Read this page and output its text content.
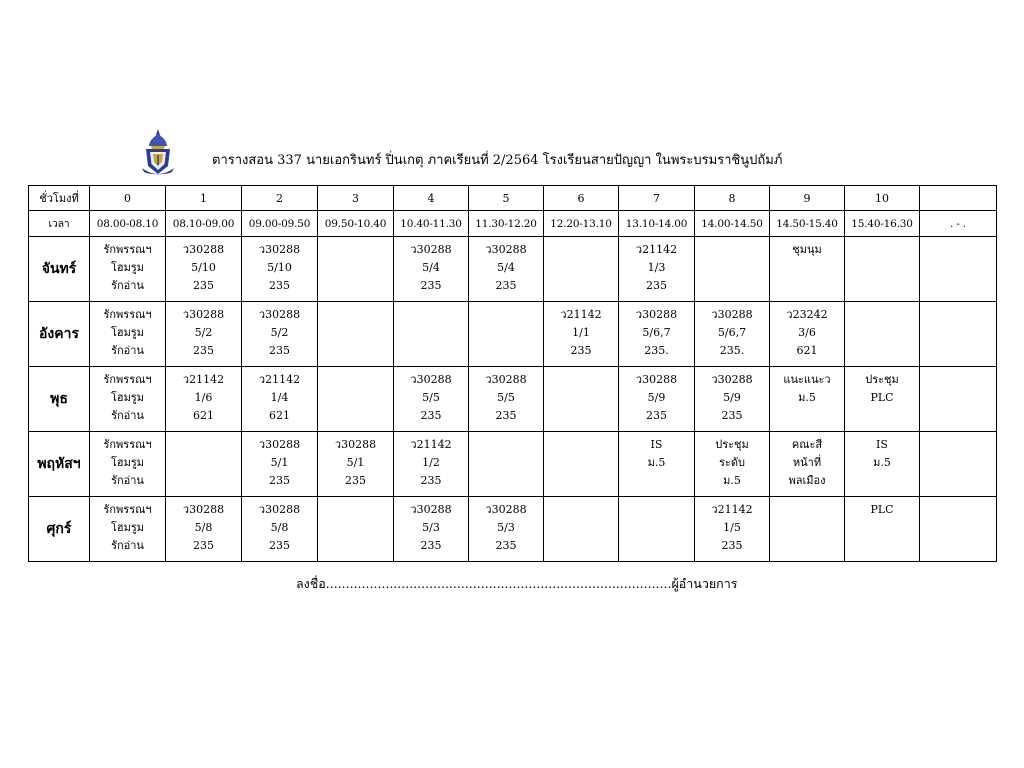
ตารางสอน 337 นายเอกรินทร์ ปิ่นเกตุ ภาคเรียนที่ 2/2564 โรงเรียนสายปัญญา ในพระบรมราชินูปถัมภ์
ชั่วโมงที่	0	1	2	3	4	5	6	7	8	9	10		
เวลา	08.00-08.10	08.10-09.00	09.00-09.50	09.50-10.40	10.40-11.30	11.30-12.20	12.20-13.10	13.10-14.00	14.00-14.50	14.50-15.40	15.40-16.30	. - .	
จันทร์	รักพรรณฯ
โฮมรูม
รักอ่าน	ว30288
5/10
235	ว30288
5/10
235		ว30288
5/4
235	ว30288
5/4
235		ว21142
1/3
235		ชุมนุม			

อังคาร	รักพรรณฯ
โฮมรูม
รักอ่าน	ว30288
5/2
235	ว30288
5/2
235				ว21142
1/1
235	ว30288
5/6,7
235.	ว30288
5/6,7
235.	ว23242
3/6
621			

พุธ	รักพรรณฯ
โฮมรูม
รักอ่าน	ว21142
1/6
621	ว21142
1/4
621		ว30288
5/5
235	ว30288
5/5
235		ว30288
5/9
235	ว30288
5/9
235	แนะแนะว
ม.5	ประชุม
PLC		

พฤหัสฯ	รักพรรณฯ
โฮมรูม
รักอ่าน		ว30288
5/1
235	ว30288
5/1
235	ว21142
1/2
235			IS
ม.5	ประชุม
ระดับ
ม.5	คณะสี
หน้าที่
พลเมือง	IS
ม.5		

ศุกร์	รักพรรณฯ
โฮมรูม
รักอ่าน	ว30288
5/8
235	ว30288
5/8
235		ว30288
5/3
235	ว30288
5/3
235			ว21142
1/5
235		PLC		

ลงชื่อ.......................................................................................ผู้อำนวยการ
